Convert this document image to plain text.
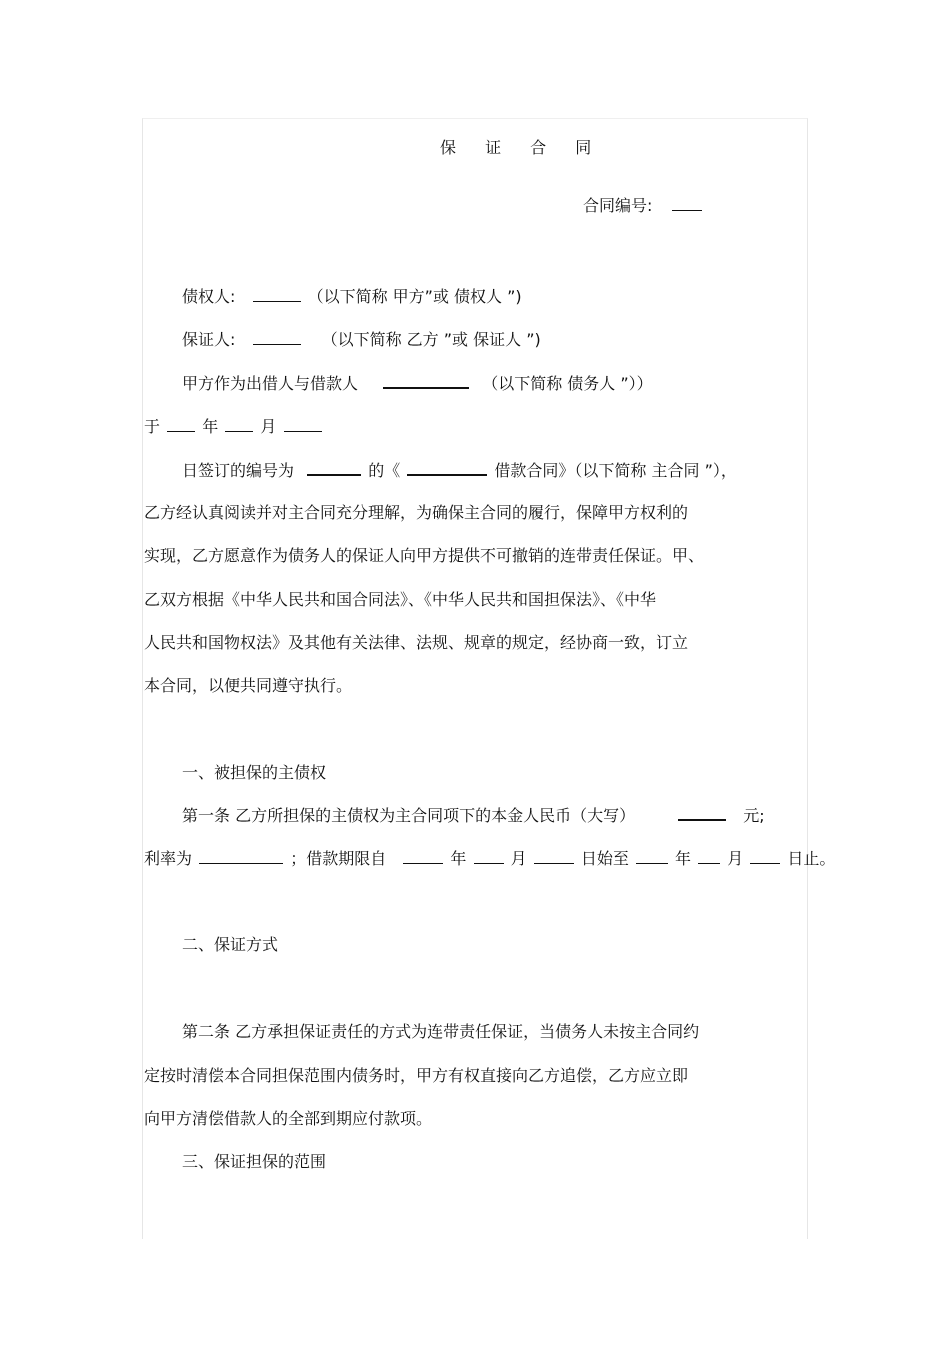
保 证 合 同
合同编号:
债权人:	（以下简称 甲方”或 债权人 ”)
保证人:	（以下简称 乙方 ”或 保证人 ”)
甲方作为出借人与借款人	（以下简称 债务人 ”））
于	年	月
日签订的编号为	的《	借款合同》（以下简称 主合同 ”），
乙方经认真阅读并对主合同充分理解，为确保主合同的履行，保障甲方权利的
实现，乙方愿意作为债务人的保证人向甲方提供不可撤销的连带责任保证。甲、
乙双方根据《中华人民共和国合同法》、《中华人民共和国担保法》、《中华
人民共和国物权法》及其他有关法律、法规、规章的规定，经协商一致，订立
本合同，以便共同遵守执行。
一、被担保的主债权
第一条 乙方所担保的主债权为主合同项下的本金人民币（大写）	元;
利率为	；借款期限自	年	月	日始至	年 月	日止。
二、保证方式
第二条 乙方承担保证责任的方式为连带责任保证，当债务人未按主合同约
定按时清偿本合同担保范围内债务时，甲方有权直接向乙方追偿，乙方应立即
向甲方清偿借款人的全部到期应付款项。
三、保证担保的范围
